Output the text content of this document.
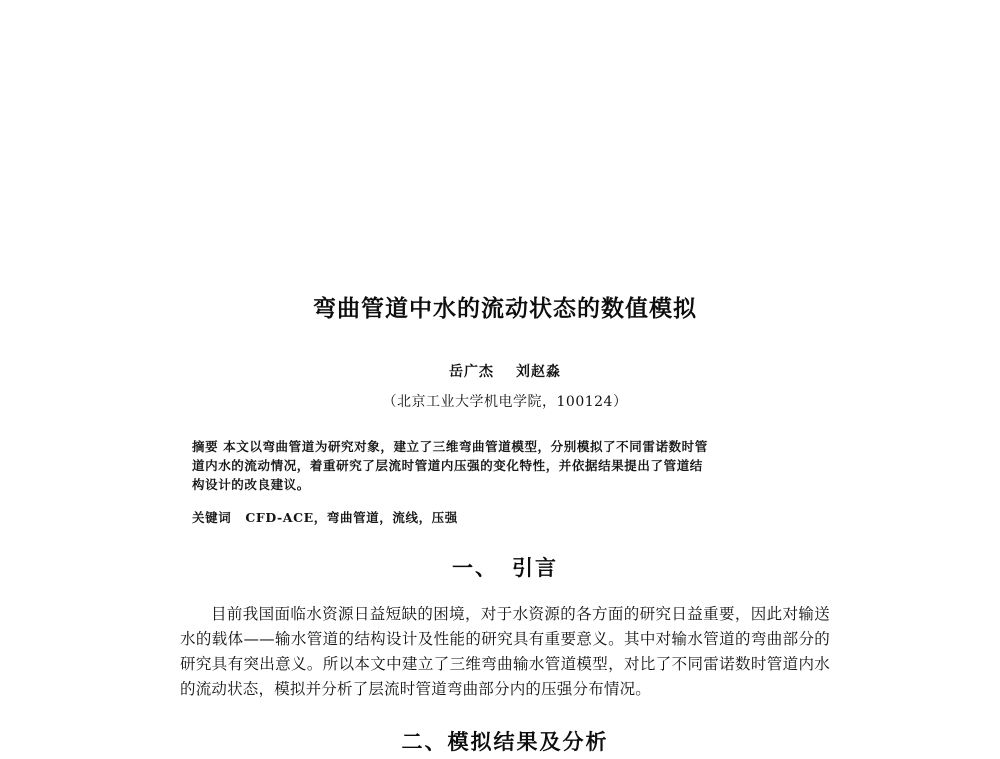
弯曲管道中水的流动状态的数值模拟
岳广杰 刘赵淼
（北京工业大学机电学院，100124）
摘要 本文以弯曲管道为研究对象，建立了三维弯曲管道模型，分别模拟了不同雷诺数时管
道内水的流动情况，着重研究了层流时管道内压强的变化特性，并依据结果提出了管道结
构设计的改良建议。
关键词 CFD-ACE，弯曲管道，流线，压强
一、 引言

目前我国面临水资源日益短缺的困境，对于水资源的各方面的研究日益重要，因此对输送水的载体——输水管道的结构设计及性能的研究具有重要意义。其中对输水管道的弯曲部分的研究具有突出意义。所以本文中建立了三维弯曲输水管道模型，对比了不同雷诺数时管道内水的流动状态，模拟并分析了层流时管道弯曲部分内的压强分布情况。

二、模拟结果及分析
